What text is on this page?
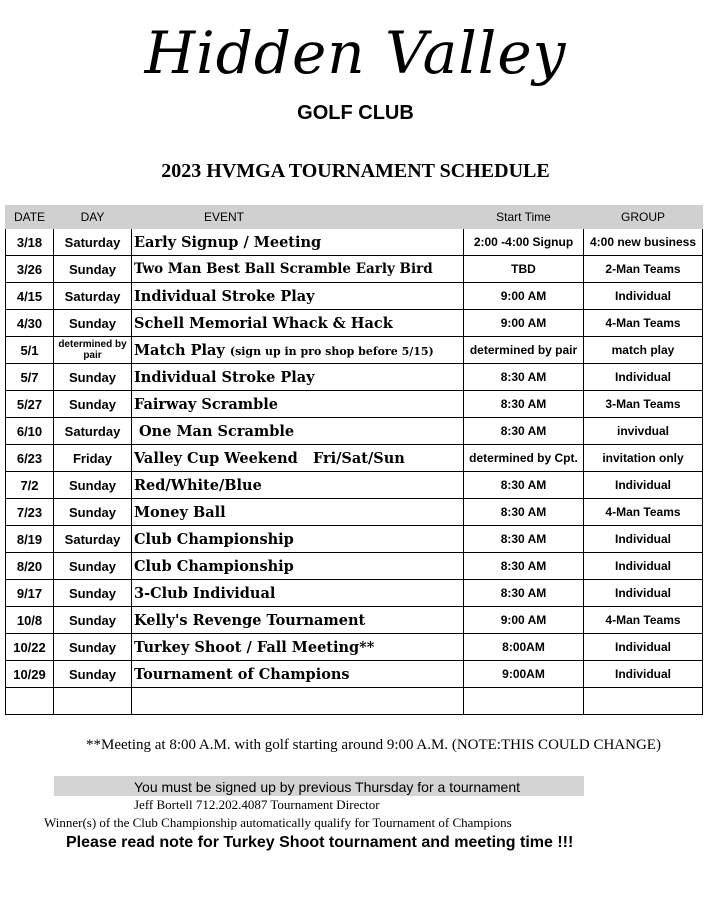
Hidden Valley
GOLF CLUB
2023 HVMGA TOURNAMENT SCHEDULE
DATE	DAY	EVENT	Start Time	GROUP
3/18	Saturday	Early Signup / Meeting	2:00 -4:00 Signup	4:00 new business
3/26	Sunday	Two Man Best Ball Scramble Early Bird	TBD	2-Man Teams
4/15	Saturday	Individual Stroke Play	9:00 AM	Individual
4/30	Sunday	Schell Memorial Whack & Hack	9:00 AM	4-Man Teams
5/1	determined by pair	Match Play (sign up in pro shop before 5/15)	determined by pair	match play
5/7	Sunday	Individual Stroke Play	8:30 AM	Individual
5/27	Sunday	Fairway Scramble	8:30 AM	3-Man Teams
6/10	Saturday	One Man Scramble	8:30 AM	invivdual
6/23	Friday	Valley Cup Weekend   Fri/Sat/Sun	determined by Cpt.	invitation only
7/2	Sunday	Red/White/Blue	8:30 AM	Individual
7/23	Sunday	Money Ball	8:30 AM	4-Man Teams
8/19	Saturday	Club Championship	8:30 AM	Individual
8/20	Sunday	Club Championship	8:30 AM	Individual
9/17	Sunday	3-Club Individual	8:30 AM	Individual
10/8	Sunday	Kelly's Revenge Tournament	9:00 AM	4-Man Teams
10/22	Sunday	Turkey Shoot / Fall Meeting**	8:00AM	Individual
10/29	Sunday	Tournament of Champions	9:00AM	Individual

**Meeting at 8:00 A.M. with golf starting around 9:00 A.M. (NOTE:THIS COULD CHANGE)
You must be signed up by previous Thursday for a tournament
Jeff Bortell 712.202.4087 Tournament Director
Winner(s) of the Club Championship automatically qualify for Tournament of Champions
Please read note for Turkey Shoot tournament and meeting time !!!
